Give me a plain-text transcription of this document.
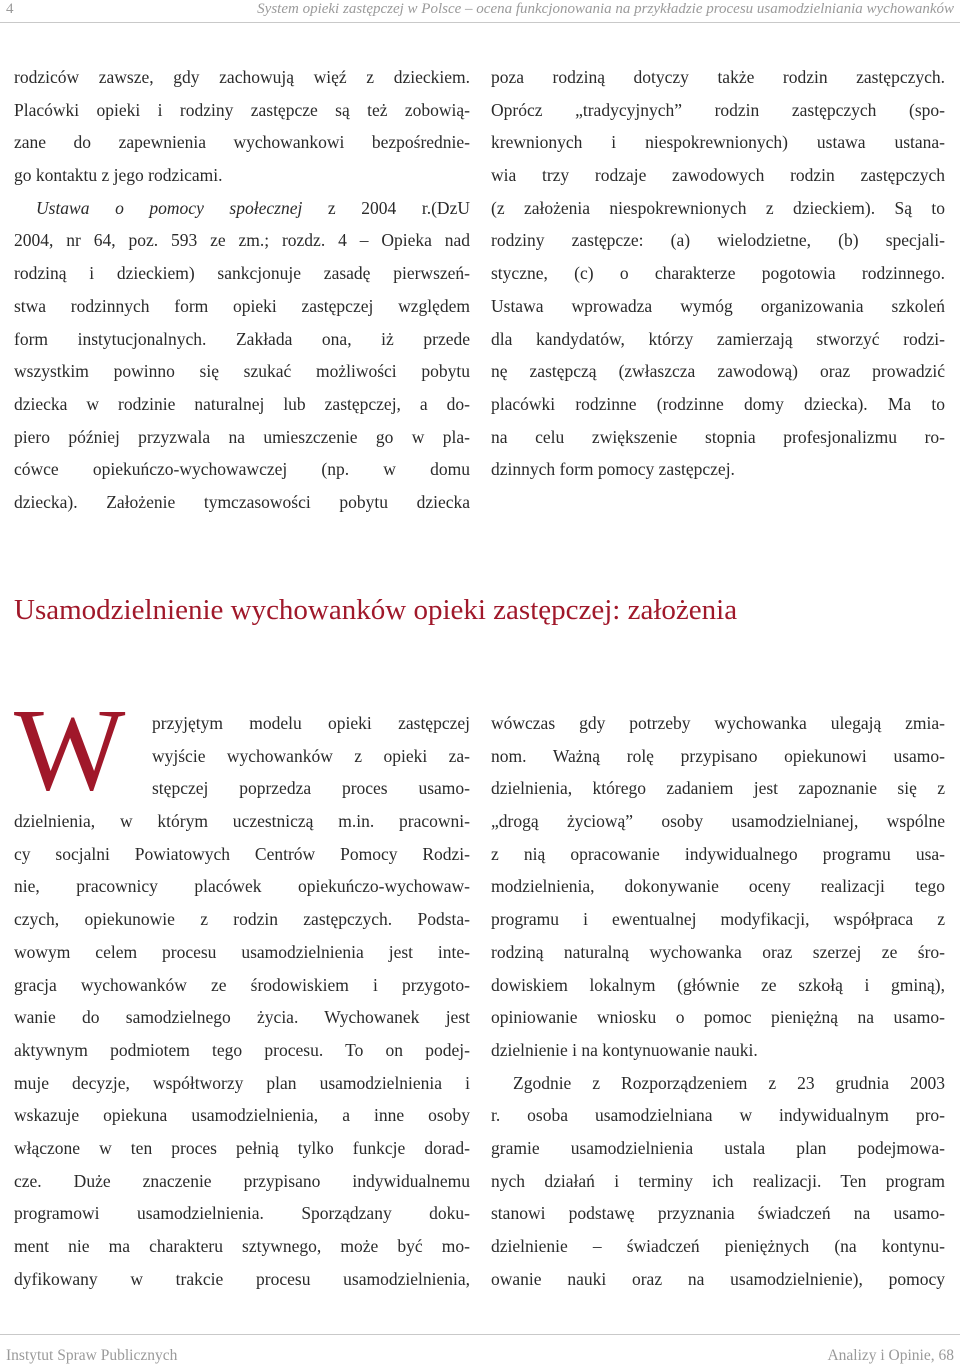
4	System opieki zastępczej w Polsce – ocena funkcjonowania na przykładzie procesu usamodzielniania wychowanków
rodziców zawsze, gdy zachowują więź z dzieckiem.
Placówki opieki i rodziny zastępcze są też zobowią-
zane do zapewnienia wychowankowi bezpośrednie-
go kontaktu z jego rodzicami.
Ustawa o pomocy społecznej z 2004 r.(DzU
2004, nr 64, poz. 593 ze zm.; rozdz. 4 – Opieka nad
rodziną i dzieckiem) sankcjonuje zasadę pierwszeń-
stwa rodzinnych form opieki zastępczej względem
form instytucjonalnych. Zakłada ona, iż przede
wszystkim powinno się szukać możliwości pobytu
dziecka w rodzinie naturalnej lub zastępczej, a do-
piero później przyzwala na umieszczenie go w pla-
cówce opiekuńczo-wychowawczej (np. w domu
dziecka). Założenie tymczasowości pobytu dziecka
poza rodziną dotyczy także rodzin zastępczych.
Oprócz „tradycyjnych” rodzin zastępczych (spo-
krewnionych i niespokrewnionych) ustawa ustana-
wia trzy rodzaje zawodowych rodzin zastępczych
(z założenia niespokrewnionych z dzieckiem). Są to
rodziny zastępcze: (a) wielodzietne, (b) specjali-
styczne, (c) o charakterze pogotowia rodzinnego.
Ustawa wprowadza wymóg organizowania szkoleń
dla kandydatów, którzy zamierzają stworzyć rodzi-
nę zastępczą (zwłaszcza zawodową) oraz prowadzić
placówki rodzinne (rodzinne domy dziecka). Ma to
na celu zwiększenie stopnia profesjonalizmu ro-
dzinnych form pomocy zastępczej.
Usamodzielnienie wychowanków opieki zastępczej: założenia
W	przyjętym modelu opieki zastępczej
wyjście wychowanków z opieki za-
stępczej poprzedza proces usamo-
dzielnienia, w którym uczestniczą m.in. pracowni-
cy socjalni Powiatowych Centrów Pomocy Rodzi-
nie, pracownicy placówek opiekuńczo-wychowaw-
czych, opiekunowie z rodzin zastępczych. Podsta-
wowym celem procesu usamodzielnienia jest inte-
gracja wychowanków ze środowiskiem i przygoto-
wanie do samodzielnego życia. Wychowanek jest
aktywnym podmiotem tego procesu. To on podej-
muje decyzje, współtworzy plan usamodzielnienia i
wskazuje opiekuna usamodzielnienia, a inne osoby
włączone w ten proces pełnią tylko funkcje dorad-
cze. Duże znaczenie przypisano indywidualnemu
programowi usamodzielnienia. Sporządzany doku-
ment nie ma charakteru sztywnego, może być mo-
dyfikowany w trakcie procesu usamodzielnienia,
wówczas gdy potrzeby wychowanka ulegają zmia-
nom. Ważną rolę przypisano opiekunowi usamo-
dzielnienia, którego zadaniem jest zapoznanie się z
„drogą życiową” osoby usamodzielnianej, wspólne
z nią opracowanie indywidualnego programu usa-
modzielnienia, dokonywanie oceny realizacji tego
programu i ewentualnej modyfikacji, współpraca z
rodziną naturalną wychowanka oraz szerzej ze śro-
dowiskiem lokalnym (głównie ze szkołą i gminą),
opiniowanie wniosku o pomoc pieniężną na usamo-
dzielnienie i na kontynuowanie nauki.
Zgodnie z Rozporządzeniem z 23 grudnia 2003
r. osoba usamodzielniana w indywidualnym pro-
gramie usamodzielnienia ustala plan podejmowa-
nych działań i terminy ich realizacji. Ten program
stanowi podstawę przyznania świadczeń na usamo-
dzielnienie – świadczeń pieniężnych (na kontynu-
owanie nauki oraz na usamodzielnienie), pomocy
Instytut Spraw Publicznych	Analizy i Opinie, 68
